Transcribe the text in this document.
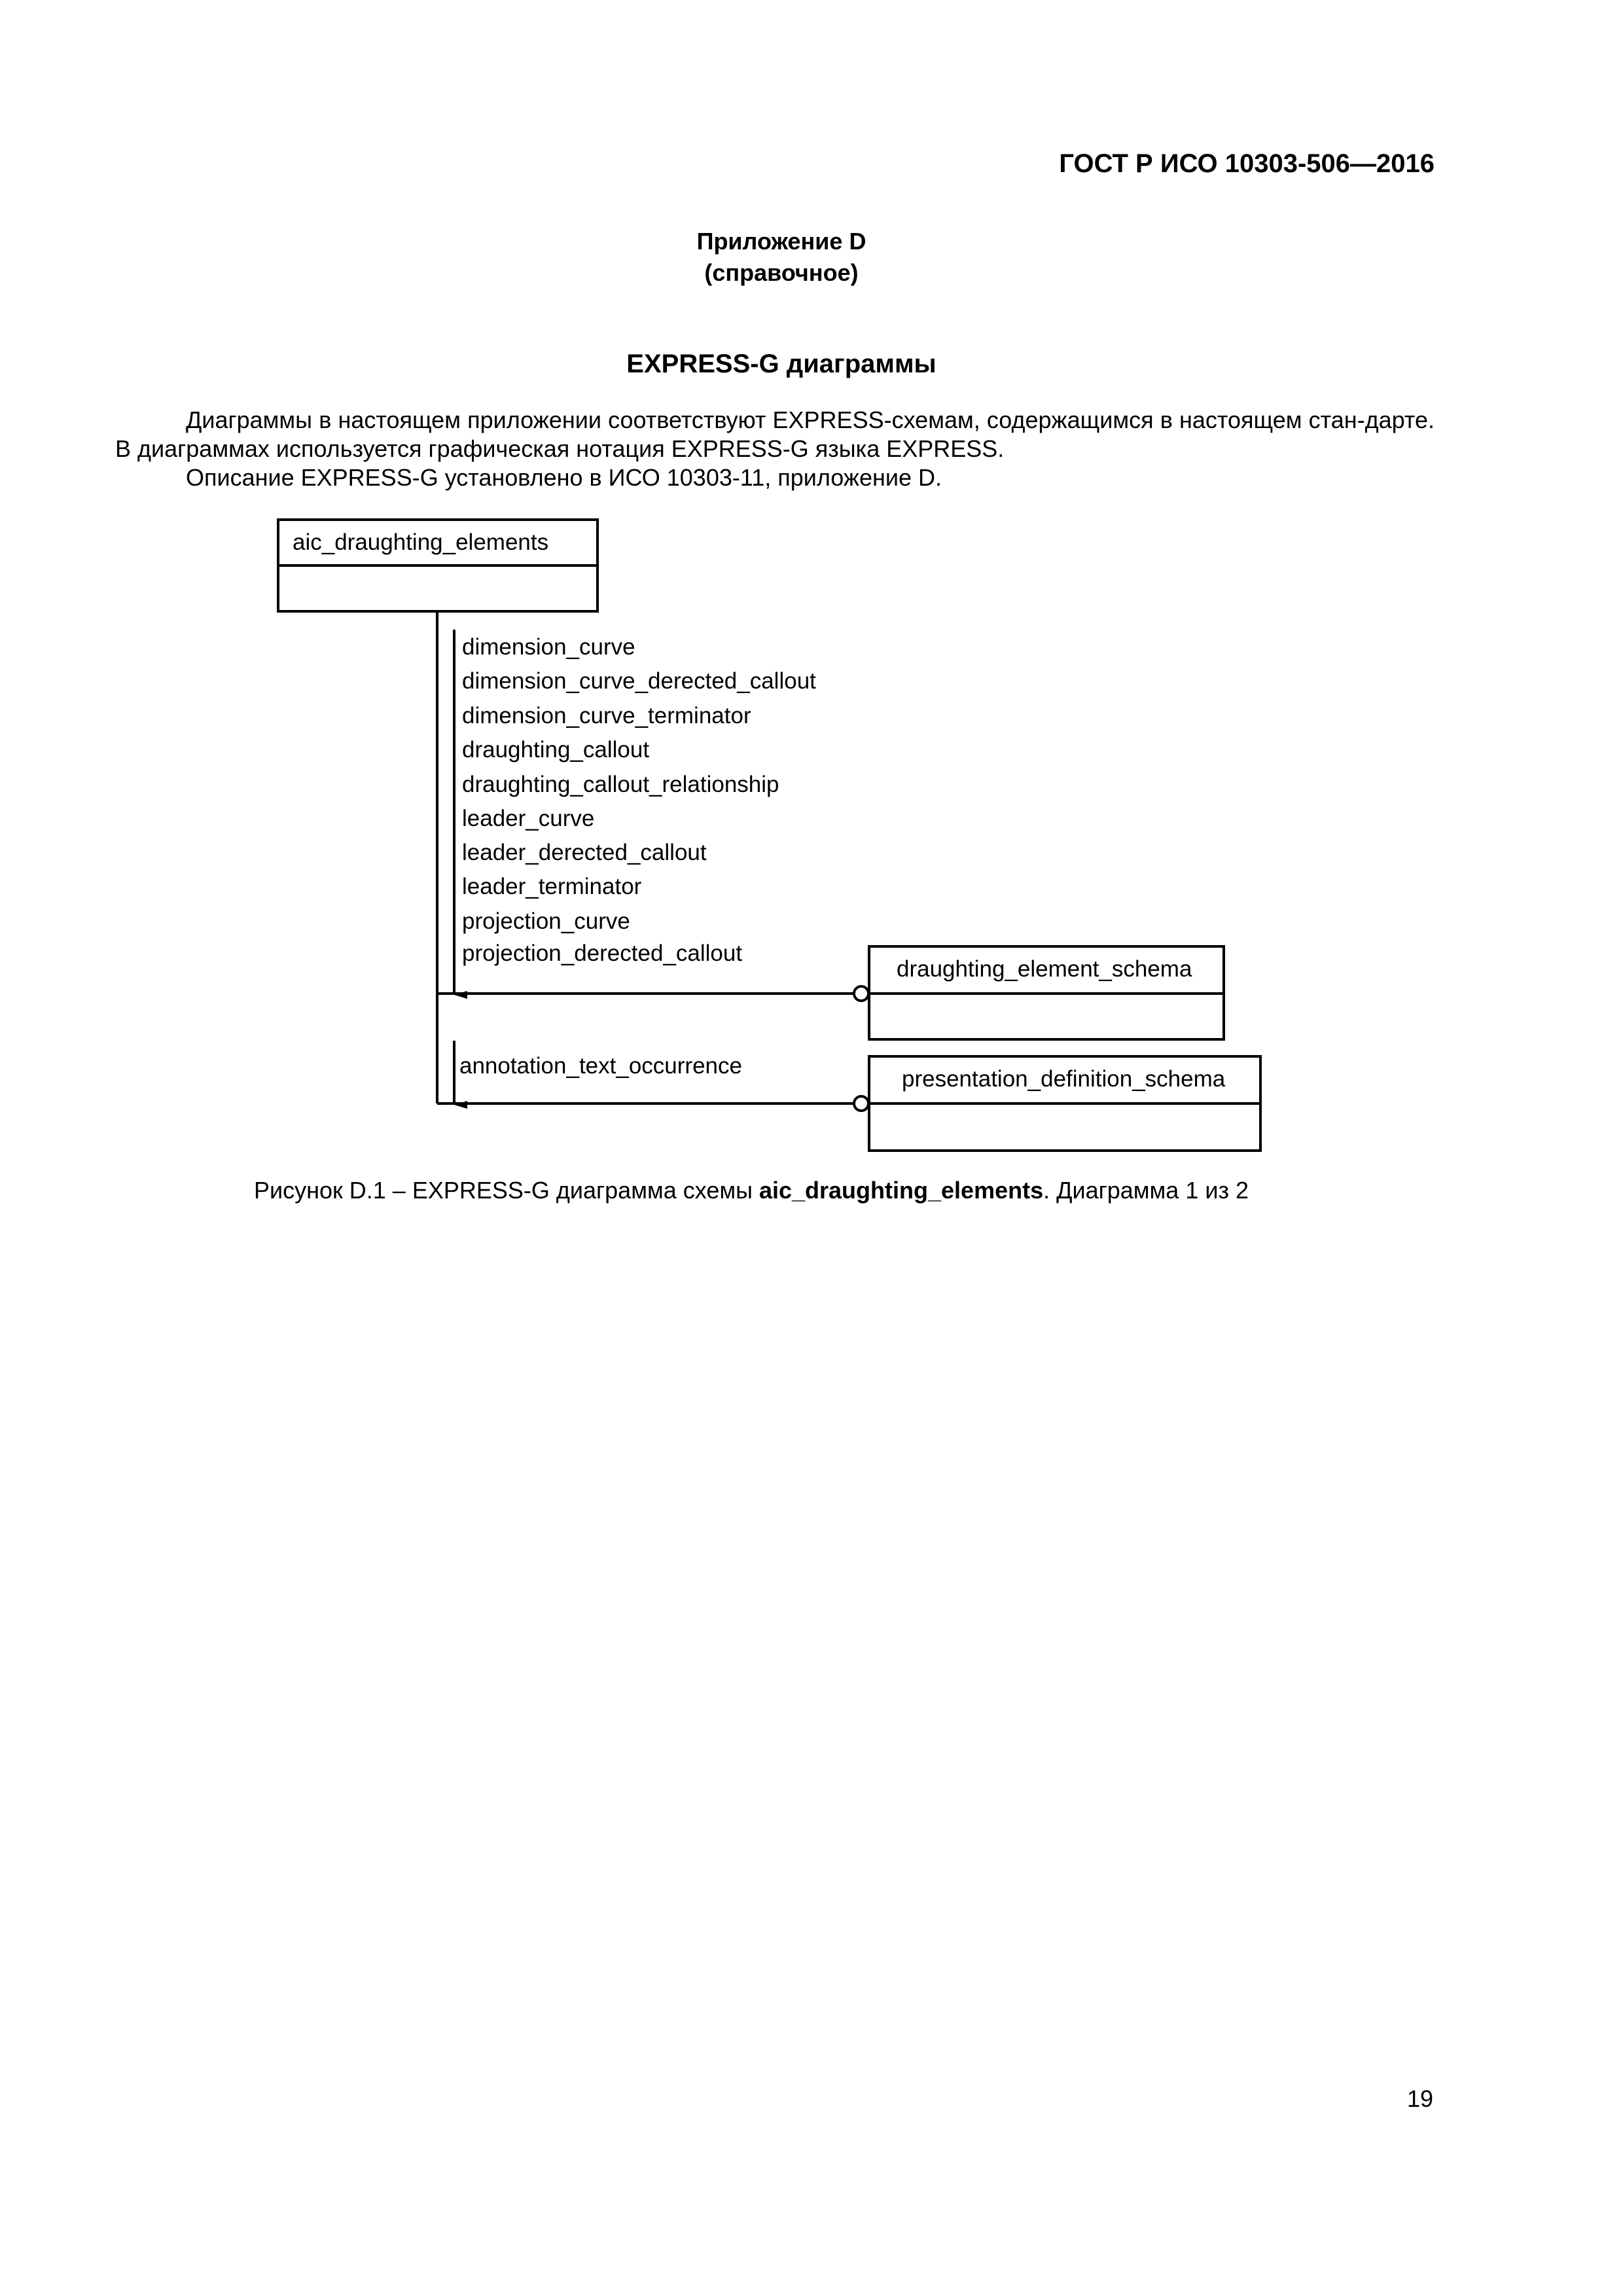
ГОСТ Р ИСО 10303-506—2016
Приложение D
(справочное)
EXPRESS-G диаграммы
Диаграммы в настоящем приложении соответствуют EXPRESS-схемам, содержащимся в настоящем стан-дарте. В диаграммах используется графическая нотация EXPRESS-G языка EXPRESS.
Описание EXPRESS-G установлено в ИСО 10303-11, приложение D.
aic_draughting_elements
dimension_curve
dimension_curve_derected_callout
dimension_curve_terminator
draughting_callout
draughting_callout_relationship
leader_curve
leader_derected_callout
leader_terminator
projection_curve
projection_derected_callout
draughting_element_schema
annotation_text_occurrence
presentation_definition_schema
Рисунок D.1 – EXPRESS-G диаграмма схемы aic_draughting_elements. Диаграмма 1 из 2
19
